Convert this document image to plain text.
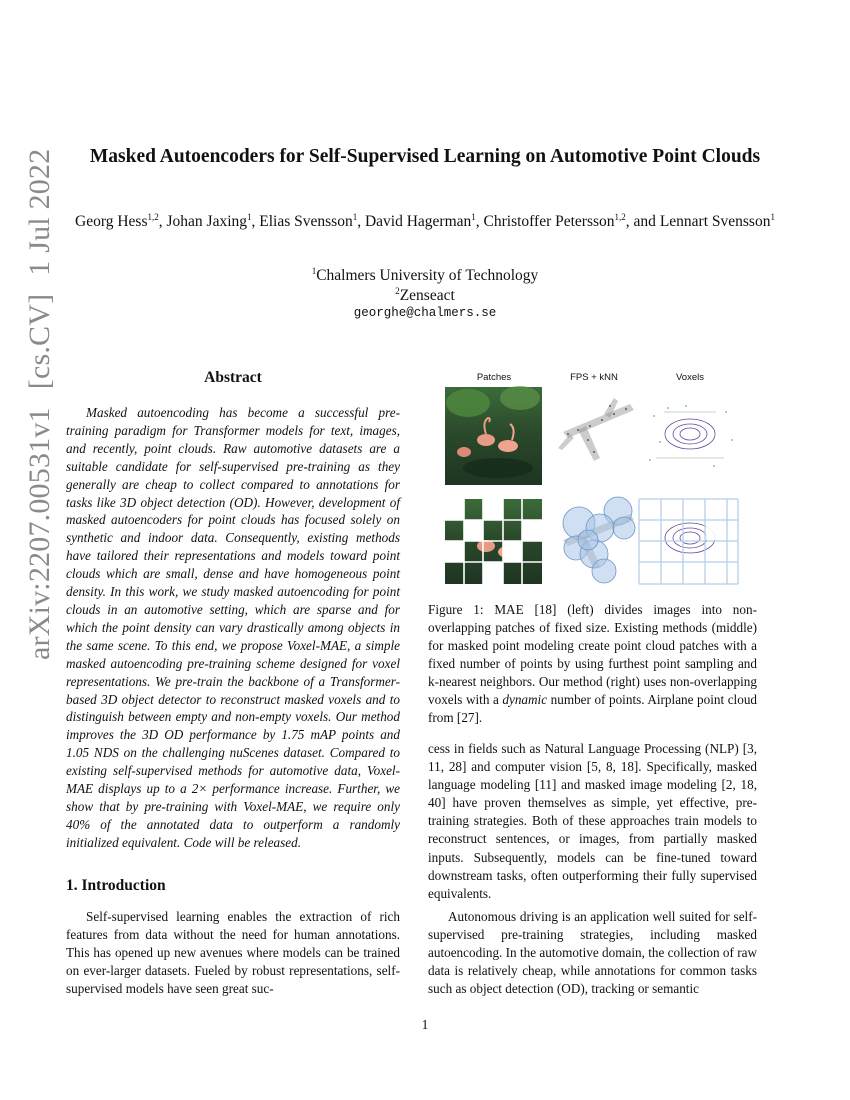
arXiv:2207.00531v1
[cs.CV]
1 Jul 2022	Masked Autoencoders for Self-Supervised Learning on Automotive Point Clouds
Georg Hess$^{1,2}$, Johan Jaxing$^1$, Elias Svensson$^1$, David Hagerman$^1$, Christoffer Petersson$^{1,2}$, and Lennart Svensson$^1$
$^1$Chalmers University of Technology
$^2$Zenseact
georghe@chalmers.se
Abstract

Masked autoencoding has become a successful pre-training paradigm for Transformer models for text, images, and recently, point clouds. Raw automotive datasets are a suitable candidate for self-supervised pre-training as they generally are cheap to collect compared to annotations for tasks like 3D object detection (OD). However, development of masked autoencoders for point clouds has focused solely on synthetic and indoor data. Consequently, existing methods have tailored their representations and models toward point clouds which are small, dense and have homogeneous point density. In this work, we study masked autoencoding for point clouds in an automotive setting, which are sparse and for which the point density can vary drastically among objects in the same scene. To this end, we propose Voxel-MAE, a simple masked autoencoding pre-training scheme designed for voxel representations. We pre-train the backbone of a Transformer-based 3D object detector to reconstruct masked voxels and to distinguish between empty and non-empty voxels. Our method improves the 3D OD performance by 1.75 mAP points and 1.05 NDS on the challenging nuScenes dataset. Compared to existing self-supervised methods for automotive data, Voxel-MAE displays up to a 2× performance increase. Further, we show that by pre-training with Voxel-MAE, we require only 40% of the annotated data to outperform a randomly initialized equivalent. Code will be released.

1. Introduction

Self-supervised learning enables the extraction of rich features from data without the need for human annotations. This has opened up new avenues where models can be trained on ever-larger datasets. Fueled by robust representations, self-supervised models have seen great suc-

Patches	FPS + kNN	Voxels

Figure 1: MAE [18] (left) divides images into non-overlapping patches of fixed size. Existing methods (middle) for masked point modeling create point cloud patches with a fixed number of points by using furthest point sampling and k-nearest neighbors. Our method (right) uses non-overlapping voxels with a dynamic number of points. Airplane point cloud from [27].

cess in fields such as Natural Language Processing (NLP) [3, 11, 28] and computer vision [5, 8, 18]. Specifically, masked language modeling [11] and masked image modeling [2, 18, 40] have proven themselves as simple, yet effective, pre-training strategies. Both of these approaches train models to reconstruct sentences, or images, from partially masked inputs. Subsequently, models can be fine-tuned toward downstream tasks, often outperforming their fully supervised equivalents.

Autonomous driving is an application well suited for self-supervised pre-training strategies, including masked autoencoding. In the automotive domain, the collection of raw data is relatively cheap, while annotations for common tasks such as object detection (OD), tracking or semantic

1
